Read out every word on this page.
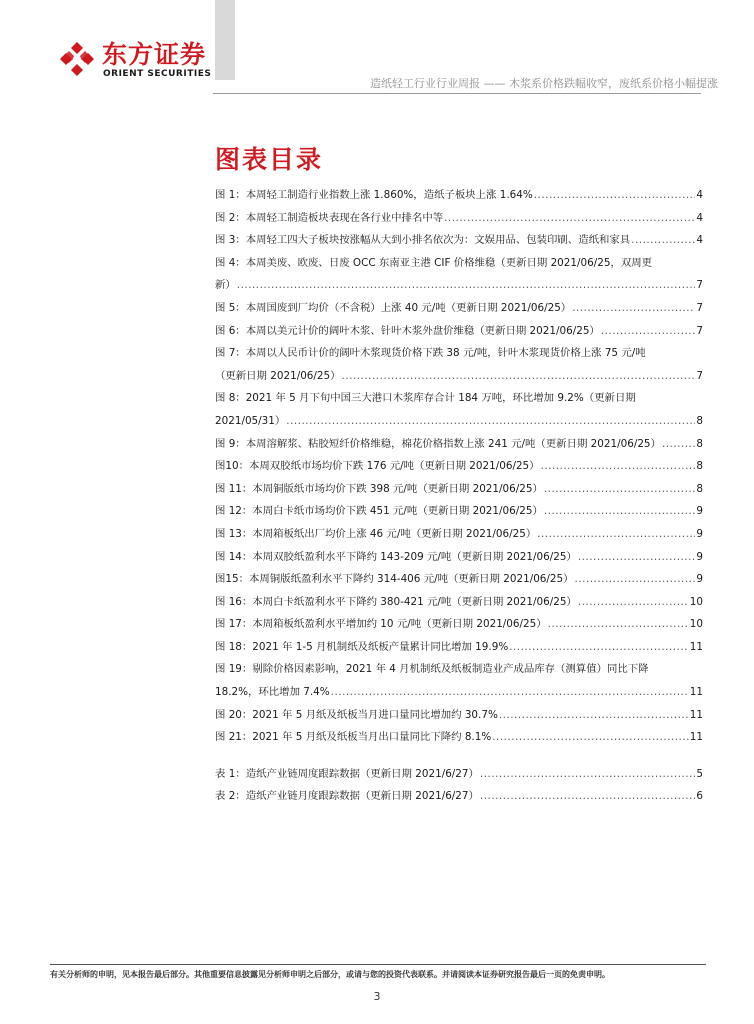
东方证券
ORIENT SECURITIES
造纸轻工行业行业周报 —— 木浆系价格跌幅收窄，废纸系价格小幅提涨
图表目录
图 1：本周轻工制造行业指数上涨 1.860%，造纸子板块上涨 1.64% .....	4
图 2：本周轻工制造板块表现在各行业中排名中等 .....	4
图 3：本周轻工四大子板块按涨幅从大到小排名依次为：文娱用品、包装印刷、造纸和家具 .....	4
图 4：本周美废、欧废、日废 OCC 东南亚主港 CIF 价格维稳（更新日期 2021/06/25，双周更
新） .....	7
图 5：本周国废到厂均价（不含税）上涨 40 元/吨（更新日期 2021/06/25） .....	7
图 6：本周以美元计价的阔叶木浆、针叶木浆外盘价维稳（更新日期 2021/06/25） .....	7
图 7：本周以人民币计价的阔叶木浆现货价格下跌 38 元/吨，针叶木浆现货价格上涨 75 元/吨
（更新日期 2021/06/25） .....	7
图 8：2021 年 5 月下旬中国三大港口木浆库存合计 184 万吨，环比增加 9.2%（更新日期
2021/05/31） .....	8
图 9：本周溶解浆、粘胶短纤价格维稳，棉花价格指数上涨 241 元/吨（更新日期 2021/06/25） .....	8
图10：本周双胶纸市场均价下跌 176 元/吨（更新日期 2021/06/25） .....	8
图 11：本周铜版纸市场均价下跌 398 元/吨（更新日期 2021/06/25） .....	8
图 12：本周白卡纸市场均价下跌 451 元/吨（更新日期 2021/06/25） .....	9
图 13：本周箱板纸出厂均价上涨 46 元/吨（更新日期 2021/06/25） .....	9
图 14：本周双胶纸盈利水平下降约 143-209 元/吨（更新日期 2021/06/25） .....	9
图15：本周铜版纸盈利水平下降约 314-406 元/吨（更新日期 2021/06/25） .....	9
图 16：本周白卡纸盈利水平下降约 380-421 元/吨（更新日期 2021/06/25） .....	10
图 17：本周箱板纸盈利水平增加约 10 元/吨（更新日期 2021/06/25） .....	10
图 18：2021 年 1-5 月机制纸及纸板产量累计同比增加 19.9% .....	11
图 19：剔除价格因素影响，2021 年 4 月机制纸及纸板制造业产成品库存（测算值）同比下降
18.2%，环比增加 7.4% .....	11
图 20：2021 年 5 月纸及纸板当月进口量同比增加约 30.7% .....	11
图 21：2021 年 5 月纸及纸板当月出口量同比下降约 8.1% .....	11
表 1：造纸产业链周度跟踪数据（更新日期 2021/6/27） .....	5
表 2：造纸产业链月度跟踪数据（更新日期 2021/6/27） .....	6
有关分析师的申明，见本报告最后部分。其他重要信息披露见分析师申明之后部分，或请与您的投资代表联系。并请阅读本证券研究报告最后一页的免责申明。
3
